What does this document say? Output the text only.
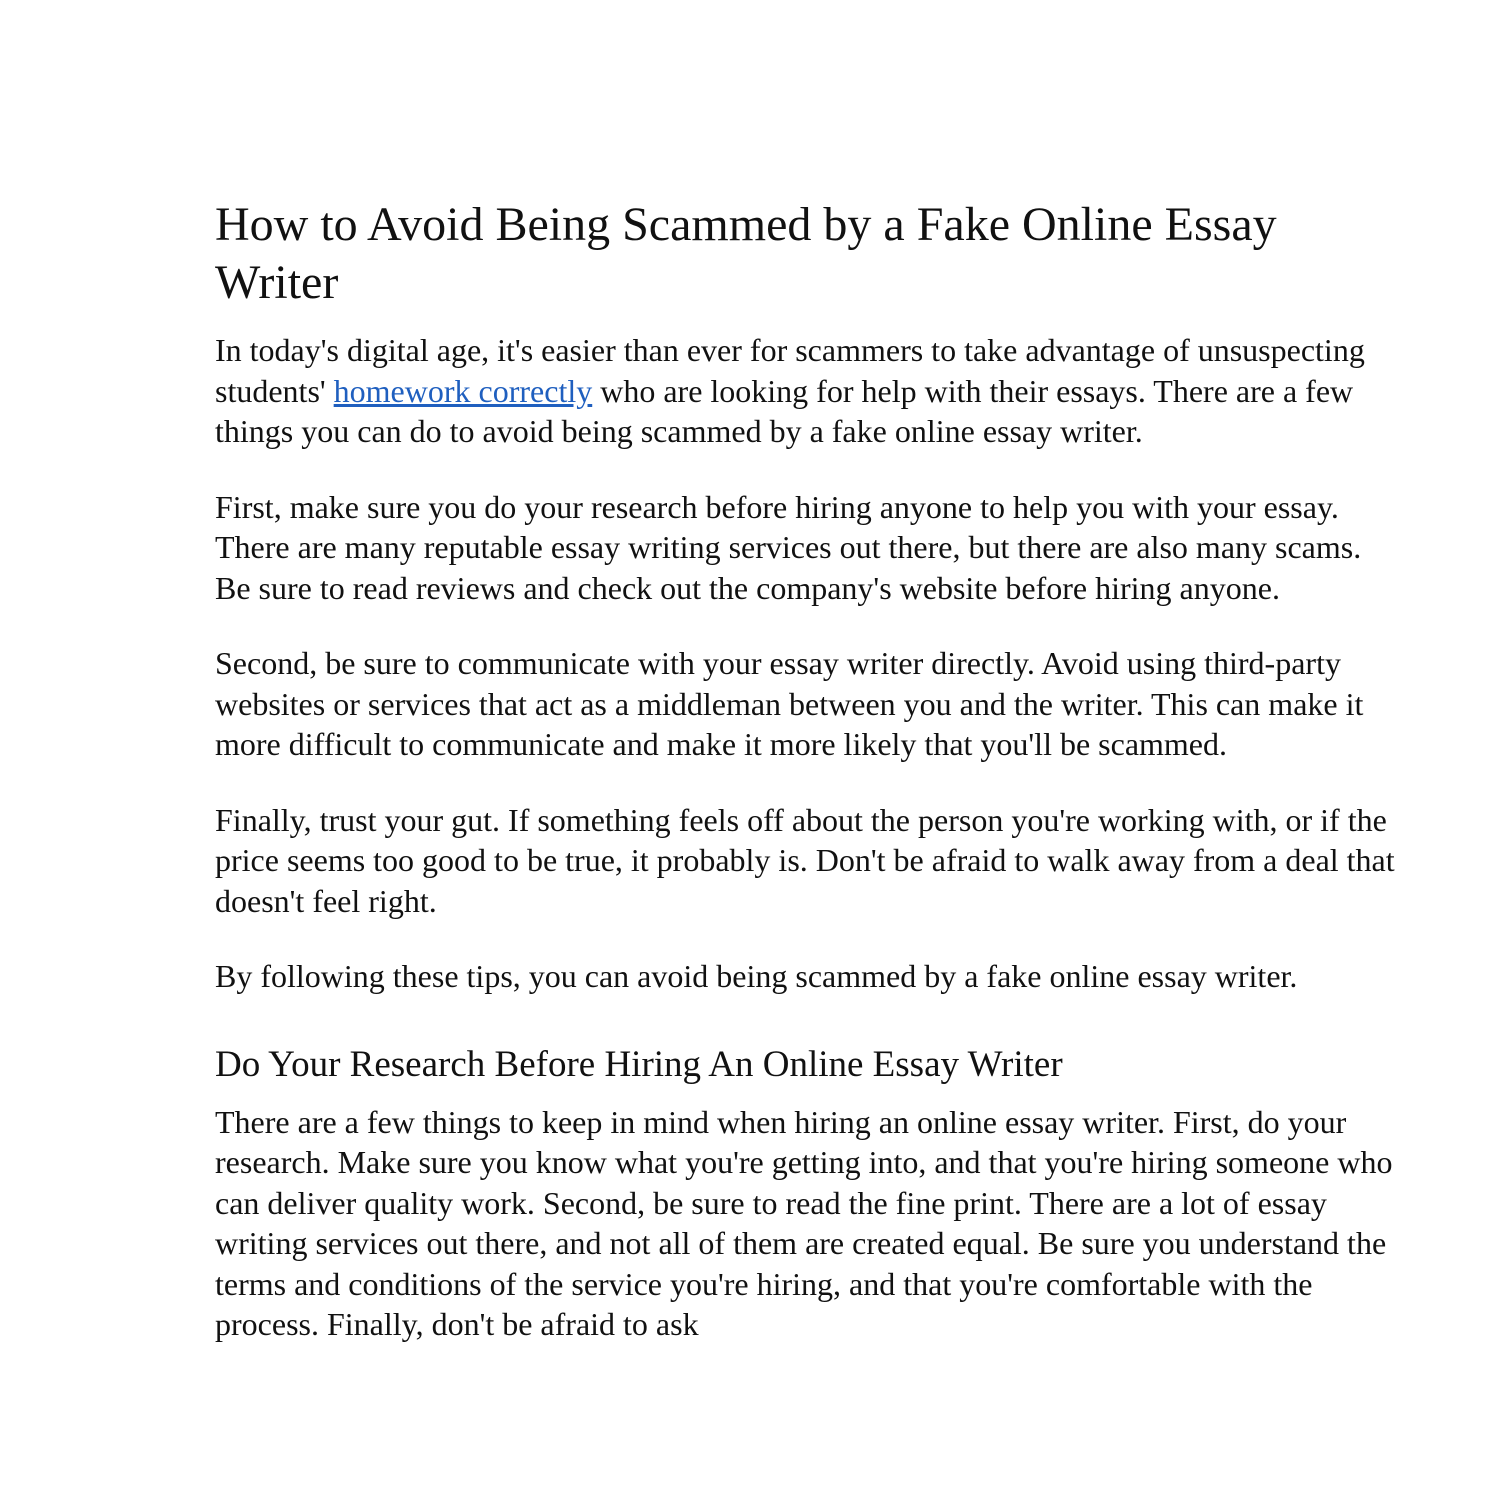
How to Avoid Being Scammed by a Fake Online Essay Writer

In today's digital age, it's easier than ever for scammers to take advantage of unsuspecting students' homework correctly who are looking for help with their essays. There are a few things you can do to avoid being scammed by a fake online essay writer.

First, make sure you do your research before hiring anyone to help you with your essay. There are many reputable essay writing services out there, but there are also many scams. Be sure to read reviews and check out the company's website before hiring anyone.

Second, be sure to communicate with your essay writer directly. Avoid using third-party websites or services that act as a middleman between you and the writer. This can make it more difficult to communicate and make it more likely that you'll be scammed.

Finally, trust your gut. If something feels off about the person you're working with, or if the price seems too good to be true, it probably is. Don't be afraid to walk away from a deal that doesn't feel right.

By following these tips, you can avoid being scammed by a fake online essay writer.

Do Your Research Before Hiring An Online Essay Writer

There are a few things to keep in mind when hiring an online essay writer. First, do your research. Make sure you know what you're getting into, and that you're hiring someone who can deliver quality work. Second, be sure to read the fine print. There are a lot of essay writing services out there, and not all of them are created equal. Be sure you understand the terms and conditions of the service you're hiring, and that you're comfortable with the process. Finally, don't be afraid to ask
